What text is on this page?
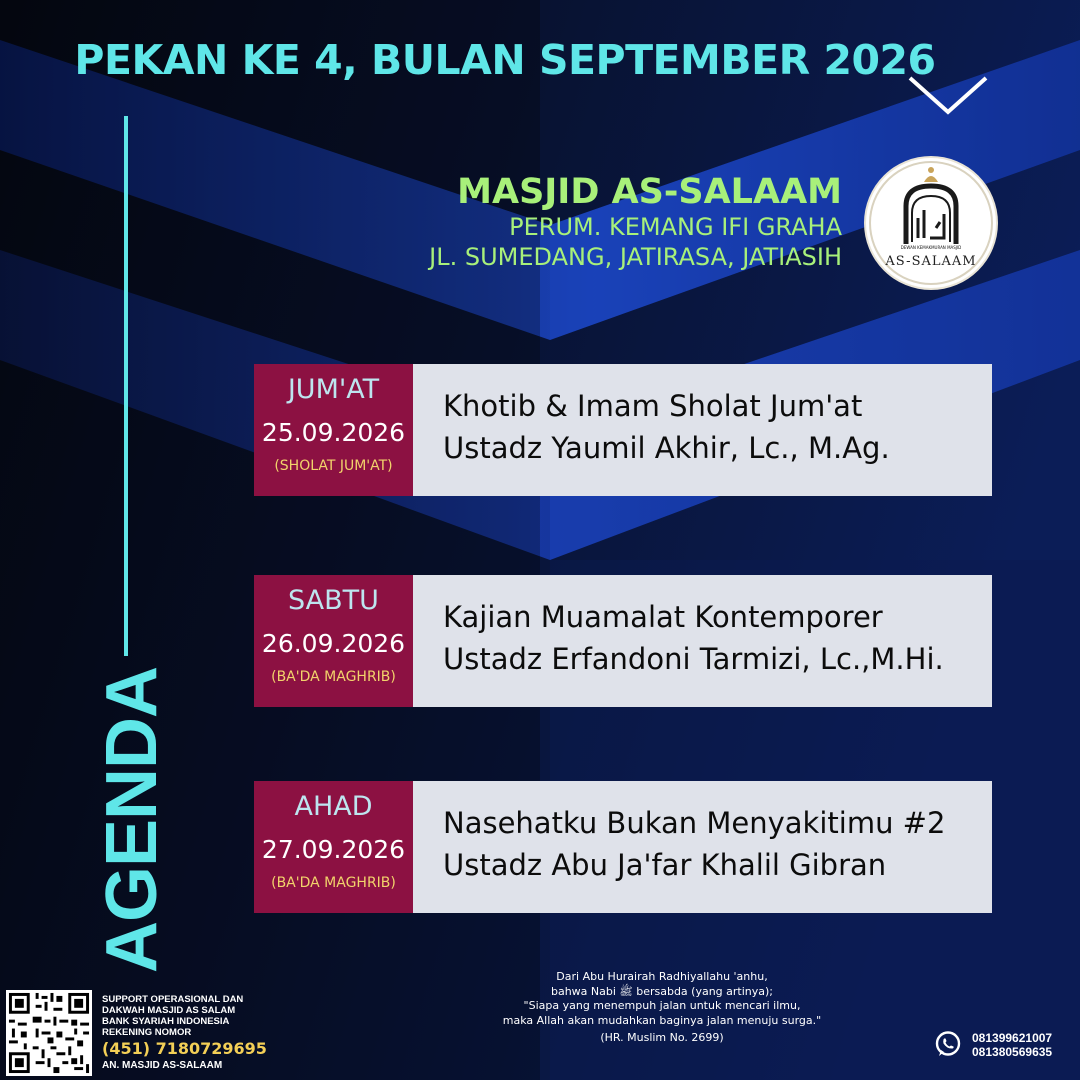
PEKAN KE 4, BULAN SEPTEMBER 2026
AGENDA
MASJID AS-SALAAM
PERUM. KEMANG IFI GRAHA
JL. SUMEDANG, JATIRASA, JATIASIH	DEWAN KEMAKMURAN MASJID
AS-SALAAM
JUM'AT
25.09.2026
(SHOLAT JUM'AT)
Khotib & Imam Sholat Jum'at
Ustadz Yaumil Akhir, Lc., M.Ag.
SABTU
26.09.2026
(BA'DA MAGHRIB)
Kajian Muamalat Kontemporer
Ustadz Erfandoni Tarmizi, Lc.,M.Hi.
AHAD
27.09.2026
(BA'DA MAGHRIB)
Nasehatku Bukan Menyakitimu #2
Ustadz Abu Ja'far Khalil Gibran
SUPPORT OPERASIONAL DAN
DAKWAH MASJID AS SALAM
BANK SYARIAH INDONESIA
REKENING NOMOR
(451) 7180729695
AN. MASJID AS-SALAAM
Dari Abu Hurairah Radhiyallahu 'anhu,
bahwa Nabi ﷺ bersabda (yang artinya);
"Siapa yang menempuh jalan untuk mencari ilmu,
maka Allah akan mudahkan baginya jalan menuju surga."
(HR. Muslim No. 2699)	081399621007
081380569635
